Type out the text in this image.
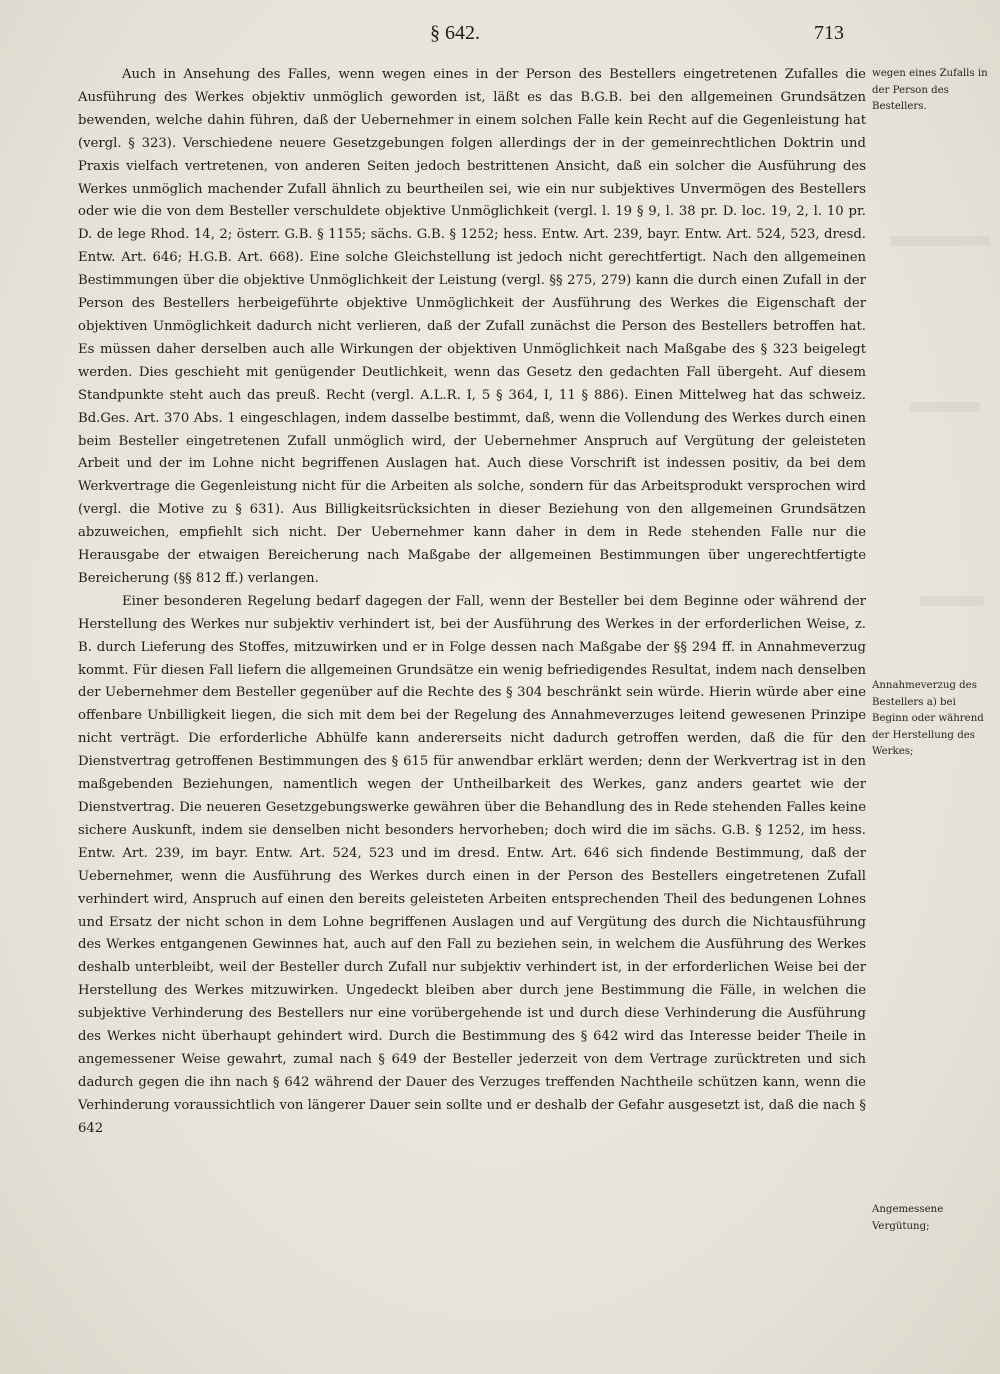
§ 642.	713

Auch in Ansehung des Falles, wenn wegen eines in der Person des Bestellers eingetretenen Zufalles die Ausführung des Werkes objektiv unmöglich geworden ist, läßt es das B.G.B. bei den allgemeinen Grundsätzen bewenden, welche dahin führen, daß der Uebernehmer in einem solchen Falle kein Recht auf die Gegenleistung hat (vergl. § 323). Verschiedene neuere Gesetzgebungen folgen allerdings der in der gemeinrechtlichen Doktrin und Praxis vielfach vertretenen, von anderen Seiten jedoch bestrittenen Ansicht, daß ein solcher die Ausführung des Werkes unmöglich machender Zufall ähnlich zu beurtheilen sei, wie ein nur subjektives Unvermögen des Bestellers oder wie die von dem Besteller verschuldete objektive Unmöglichkeit (vergl. l. 19 § 9, l. 38 pr. D. loc. 19, 2, l. 10 pr. D. de lege Rhod. 14, 2; österr. G.B. § 1155; sächs. G.B. § 1252; hess. Entw. Art. 239, bayr. Entw. Art. 524, 523, dresd. Entw. Art. 646; H.G.B. Art. 668). Eine solche Gleichstellung ist jedoch nicht gerechtfertigt. Nach den allgemeinen Bestimmungen über die objektive Unmöglichkeit der Leistung (vergl. §§ 275, 279) kann die durch einen Zufall in der Person des Bestellers herbeigeführte objektive Unmöglichkeit der Ausführung des Werkes die Eigenschaft der objektiven Unmöglichkeit dadurch nicht verlieren, daß der Zufall zunächst die Person des Bestellers betroffen hat. Es müssen daher derselben auch alle Wirkungen der objektiven Unmöglichkeit nach Maßgabe des § 323 beigelegt werden. Dies geschieht mit genügender Deutlichkeit, wenn das Gesetz den gedachten Fall übergeht. Auf diesem Standpunkte steht auch das preuß. Recht (vergl. A.L.R. I, 5 § 364, I, 11 § 886). Einen Mittelweg hat das schweiz. Bd.Ges. Art. 370 Abs. 1 eingeschlagen, indem dasselbe bestimmt, daß, wenn die Vollendung des Werkes durch einen beim Besteller eingetretenen Zufall unmöglich wird, der Uebernehmer Anspruch auf Vergütung der geleisteten Arbeit und der im Lohne nicht begriffenen Auslagen hat. Auch diese Vorschrift ist indessen positiv, da bei dem Werkvertrage die Gegenleistung nicht für die Arbeiten als solche, sondern für das Arbeitsprodukt versprochen wird (vergl. die Motive zu § 631). Aus Billigkeitsrücksichten in dieser Beziehung von den allgemeinen Grundsätzen abzuweichen, empfiehlt sich nicht. Der Uebernehmer kann daher in dem in Rede stehenden Falle nur die Herausgabe der etwaigen Bereicherung nach Maßgabe der allgemeinen Bestimmungen über ungerechtfertigte Bereicherung (§§ 812 ff.) verlangen.

Einer besonderen Regelung bedarf dagegen der Fall, wenn der Besteller bei dem Beginne oder während der Herstellung des Werkes nur subjektiv verhindert ist, bei der Ausführung des Werkes in der erforderlichen Weise, z. B. durch Lieferung des Stoffes, mitzuwirken und er in Folge dessen nach Maßgabe der §§ 294 ff. in Annahmeverzug kommt. Für diesen Fall liefern die allgemeinen Grundsätze ein wenig befriedigendes Resultat, indem nach denselben der Uebernehmer dem Besteller gegenüber auf die Rechte des § 304 beschränkt sein würde. Hierin würde aber eine offenbare Unbilligkeit liegen, die sich mit dem bei der Regelung des Annahmeverzuges leitend gewesenen Prinzipe nicht verträgt. Die erforderliche Abhülfe kann andererseits nicht dadurch getroffen werden, daß die für den Dienstvertrag getroffenen Bestimmungen des § 615 für anwendbar erklärt werden; denn der Werkvertrag ist in den maßgebenden Beziehungen, namentlich wegen der Untheilbarkeit des Werkes, ganz anders geartet wie der Dienstvertrag. Die neueren Gesetzgebungswerke gewähren über die Behandlung des in Rede stehenden Falles keine sichere Auskunft, indem sie denselben nicht besonders hervorheben; doch wird die im sächs. G.B. § 1252, im hess. Entw. Art. 239, im bayr. Entw. Art. 524, 523 und im dresd. Entw. Art. 646 sich findende Bestimmung, daß der Uebernehmer, wenn die Ausführung des Werkes durch einen in der Person des Bestellers eingetretenen Zufall verhindert wird, Anspruch auf einen den bereits geleisteten Arbeiten entsprechenden Theil des bedungenen Lohnes und Ersatz der nicht schon in dem Lohne begriffenen Auslagen und auf Vergütung des durch die Nichtausführung des Werkes entgangenen Gewinnes hat, auch auf den Fall zu beziehen sein, in welchem die Ausführung des Werkes deshalb unterbleibt, weil der Besteller durch Zufall nur subjektiv verhindert ist, in der erforderlichen Weise bei der Herstellung des Werkes mitzuwirken. Ungedeckt bleiben aber durch jene Bestimmung die Fälle, in welchen die subjektive Verhinderung des Bestellers nur eine vorübergehende ist und durch diese Verhinderung die Ausführung des Werkes nicht überhaupt gehindert wird. Durch die Bestimmung des § 642 wird das Interesse beider Theile in angemessener Weise gewahrt, zumal nach § 649 der Besteller jederzeit von dem Vertrage zurücktreten und sich dadurch gegen die ihn nach § 642 während der Dauer des Verzuges treffenden Nachtheile schützen kann, wenn die Verhinderung voraussichtlich von längerer Dauer sein sollte und er deshalb der Gefahr ausgesetzt ist, daß die nach § 642

wegen eines Zufalls in der Person des Bestellers.
Annahmeverzug des Bestellers a) bei Beginn oder während der Herstellung des Werkes;
Angemessene Vergütung;
